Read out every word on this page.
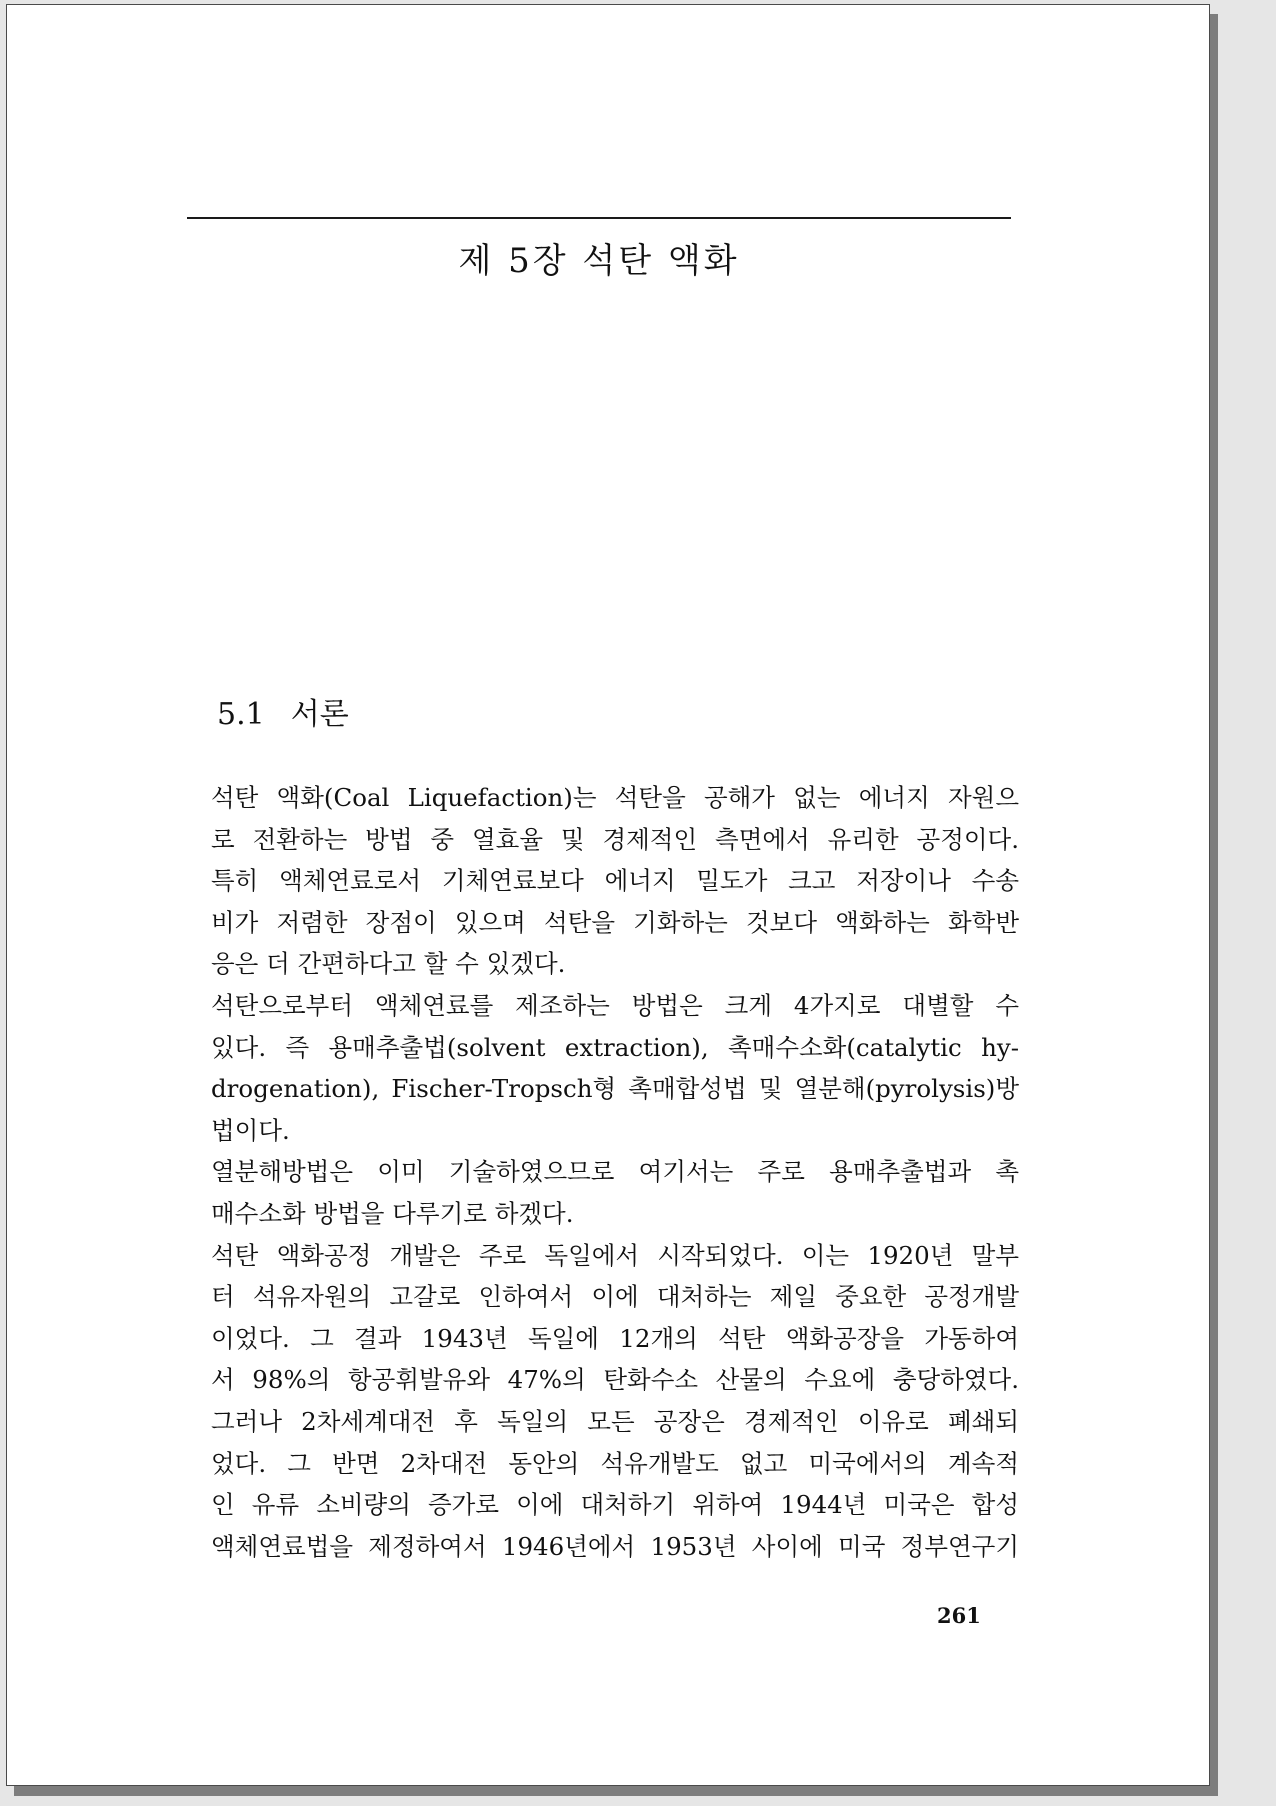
제 5장 석탄 액화
5.1 서론

석탄 액화(Coal Liquefaction)는 석탄을 공해가 없는 에너지 자원으
로 전환하는 방법 중 열효율 및 경제적인 측면에서 유리한 공정이다.
특히 액체연료로서 기체연료보다 에너지 밀도가 크고 저장이나 수송
비가 저렴한 장점이 있으며 석탄을 기화하는 것보다 액화하는 화학반
응은 더 간편하다고 할 수 있겠다.

석탄으로부터 액체연료를 제조하는 방법은 크게 4가지로 대별할 수
있다. 즉 용매추출법(solvent extraction), 촉매수소화(catalytic hy-
drogenation), Fischer-Tropsch형 촉매합성법 및 열분해(pyrolysis)방
법이다.

열분해방법은 이미 기술하였으므로 여기서는 주로 용매추출법과 촉
매수소화 방법을 다루기로 하겠다.

석탄 액화공정 개발은 주로 독일에서 시작되었다. 이는 1920년 말부
터 석유자원의 고갈로 인하여서 이에 대처하는 제일 중요한 공정개발
이었다. 그 결과 1943년 독일에 12개의 석탄 액화공장을 가동하여
서 98%의 항공휘발유와 47%의 탄화수소 산물의 수요에 충당하였다.
그러나 2차세계대전 후 독일의 모든 공장은 경제적인 이유로 폐쇄되
었다. 그 반면 2차대전 동안의 석유개발도 없고 미국에서의 계속적
인 유류 소비량의 증가로 이에 대처하기 위하여 1944년 미국은 합성
액체연료법을 제정하여서 1946년에서 1953년 사이에 미국 정부연구기

261
